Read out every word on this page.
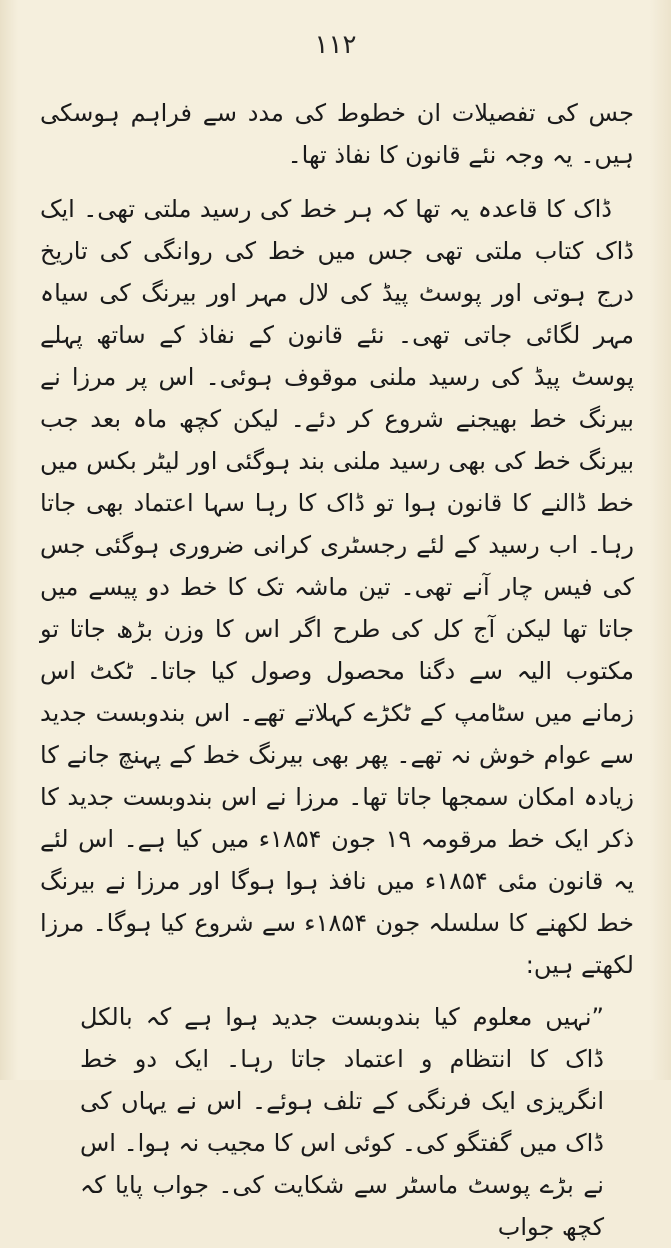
۱۱۲

جس کی تفصیلات ان خطوط کی مدد سے فراہم ہوسکی ہیں۔ یہ وجہ نئے قانون کا نفاذ تھا۔

ڈاک کا قاعدہ یہ تھا کہ ہر خط کی رسید ملتی تھی۔ ایک ڈاک کتاب ملتی تھی جس میں خط کی روانگی کی تاریخ درج ہوتی اور پوسٹ پیڈ کی لال مہر اور بیرنگ کی سیاہ مہر لگائی جاتی تھی۔ نئے قانون کے نفاذ کے ساتھ پہلے پوسٹ پیڈ کی رسید ملنی موقوف ہوئی۔ اس پر مرزا نے بیرنگ خط بھیجنے شروع کر دئے۔ لیکن کچھ ماہ بعد جب بیرنگ خط کی بھی رسید ملنی بند ہوگئی اور لیٹر بکس میں خط ڈالنے کا قانون ہوا تو ڈاک کا رہا سہا اعتماد بھی جاتا رہا۔ اب رسید کے لئے رجسٹری کرانی ضروری ہوگئی جس کی فیس چار آنے تھی۔ تین ماشہ تک کا خط دو پیسے میں جاتا تھا لیکن آج کل کی طرح اگر اس کا وزن بڑھ جاتا تو مکتوب الیہ سے دگنا محصول وصول کیا جاتا۔ ٹکٹ اس زمانے میں سٹامپ کے ٹکڑے کہلاتے تھے۔ اس بندوبست جدید سے عوام خوش نہ تھے۔ پھر بھی بیرنگ خط کے پہنچ جانے کا زیادہ امکان سمجھا جاتا تھا۔ مرزا نے اس بندوبست جدید کا ذکر ایک خط مرقومہ ۱۹ جون ۱۸۵۴ء میں کیا ہے۔ اس لئے یہ قانون مئی ۱۸۵۴ء میں نافذ ہوا ہوگا اور مرزا نے بیرنگ خط لکھنے کا سلسلہ جون ۱۸۵۴ء سے شروع کیا ہوگا۔ مرزا لکھتے ہیں:

”نہیں معلوم کیا بندوبست جدید ہوا ہے کہ بالکل ڈاک کا انتظام و اعتماد جاتا رہا۔ ایک دو خط انگریزی ایک فرنگی کے تلف ہوئے۔ اس نے یہاں کی ڈاک میں گفتگو کی۔ کوئی اس کا مجیب نہ ہوا۔ اس نے بڑے پوسٹ ماسٹر سے شکایت کی۔ جواب پایا کہ کچھ جواب
